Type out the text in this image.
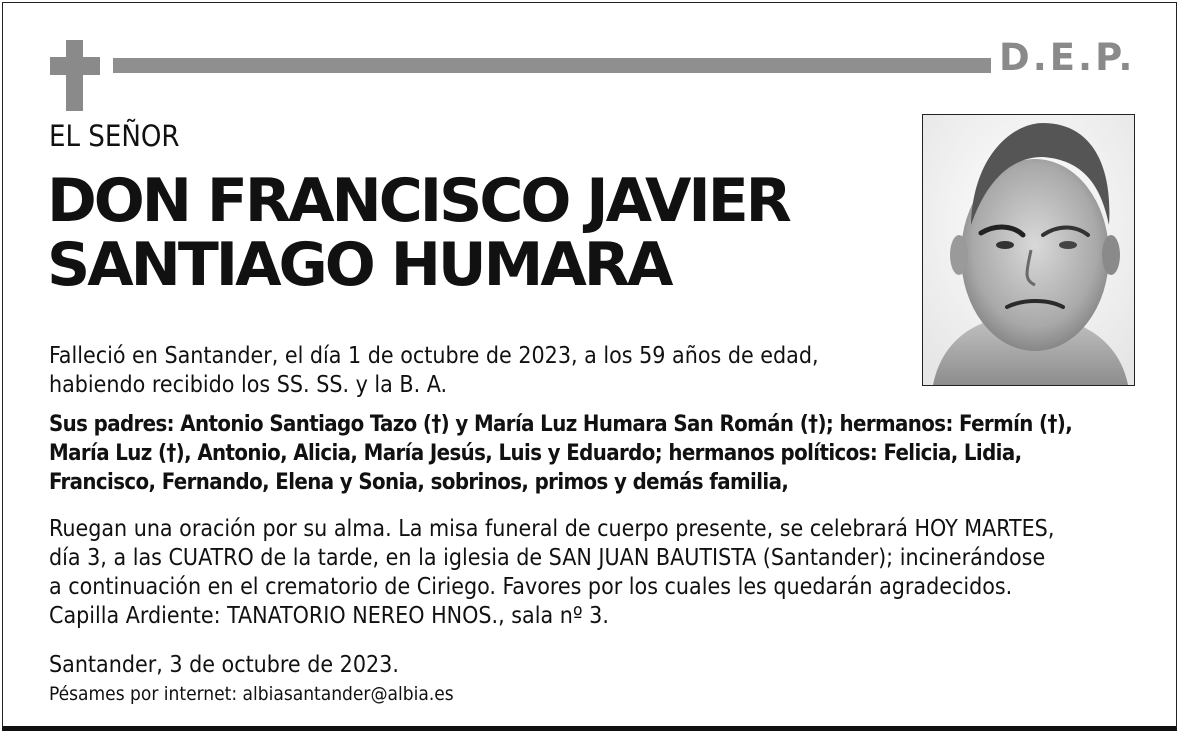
D.E.P.
EL SEÑOR
DON FRANCISCO JAVIER
SANTIAGO HUMARA
Falleció en Santander, el día 1 de octubre de 2023, a los 59 años de edad,
habiendo recibido los SS. SS. y la B. A.
Sus padres: Antonio Santiago Tazo (†) y María Luz Humara San Román (†); hermanos: Fermín (†),
María Luz (†), Antonio, Alicia, María Jesús, Luis y Eduardo; hermanos políticos: Felicia, Lidia,
Francisco, Fernando, Elena y Sonia, sobrinos, primos y demás familia,
Ruegan una oración por su alma. La misa funeral de cuerpo presente, se celebrará HOY MARTES,
día 3, a las CUATRO de la tarde, en la iglesia de SAN JUAN BAUTISTA (Santander); incinerándose
a continuación en el crematorio de Ciriego. Favores por los cuales les quedarán agradecidos.
Capilla Ardiente: TANATORIO NEREO HNOS., sala nº 3.
Santander, 3 de octubre de 2023.
Pésames por internet: albiasantander@albia.es
